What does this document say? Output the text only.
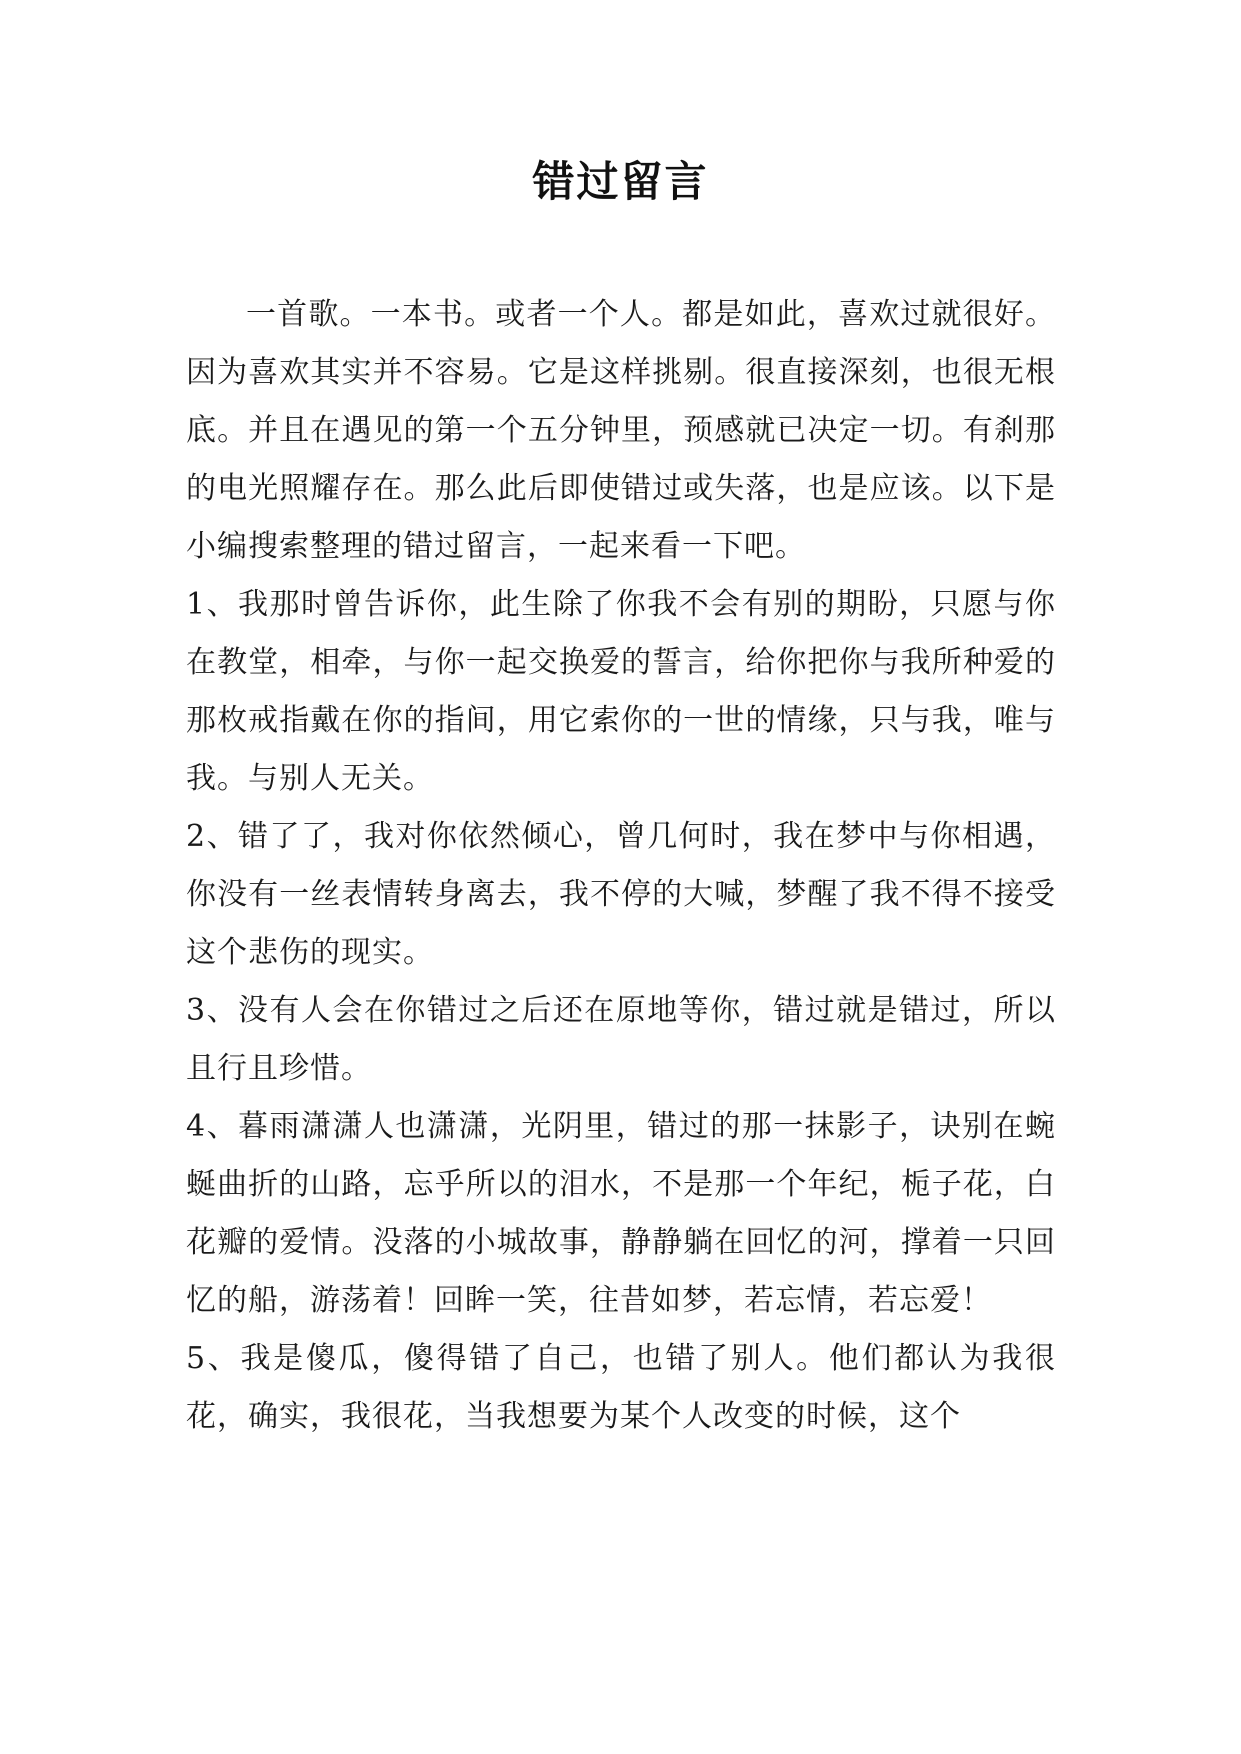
错过留言

一首歌。一本书。或者一个人。都是如此，喜欢过就很好。因为喜欢其实并不容易。它是这样挑剔。很直接深刻，也很无根底。并且在遇见的第一个五分钟里，预感就已决定一切。有刹那的电光照耀存在。那么此后即使错过或失落，也是应该。以下是小编搜索整理的错过留言，一起来看一下吧。

1、我那时曾告诉你，此生除了你我不会有别的期盼，只愿与你在教堂，相牵，与你一起交换爱的誓言，给你把你与我所种爱的那枚戒指戴在你的指间，用它索你的一世的情缘，只与我，唯与我。与别人无关。

2、错了了，我对你依然倾心，曾几何时，我在梦中与你相遇，你没有一丝表情转身离去，我不停的大喊，梦醒了我不得不接受这个悲伤的现实。

3、没有人会在你错过之后还在原地等你，错过就是错过，所以且行且珍惜。

4、暮雨潇潇人也潇潇，光阴里，错过的那一抹影子，诀别在蜿蜒曲折的山路，忘乎所以的泪水，不是那一个年纪，栀子花，白花瓣的爱情。没落的小城故事，静静躺在回忆的河，撑着一只回忆的船，游荡着！回眸一笑，往昔如梦，若忘情，若忘爱！

5、我是傻瓜，傻得错了自己，也错了别人。他们都认为我很花，确实，我很花，当我想要为某个人改变的时候，这个
